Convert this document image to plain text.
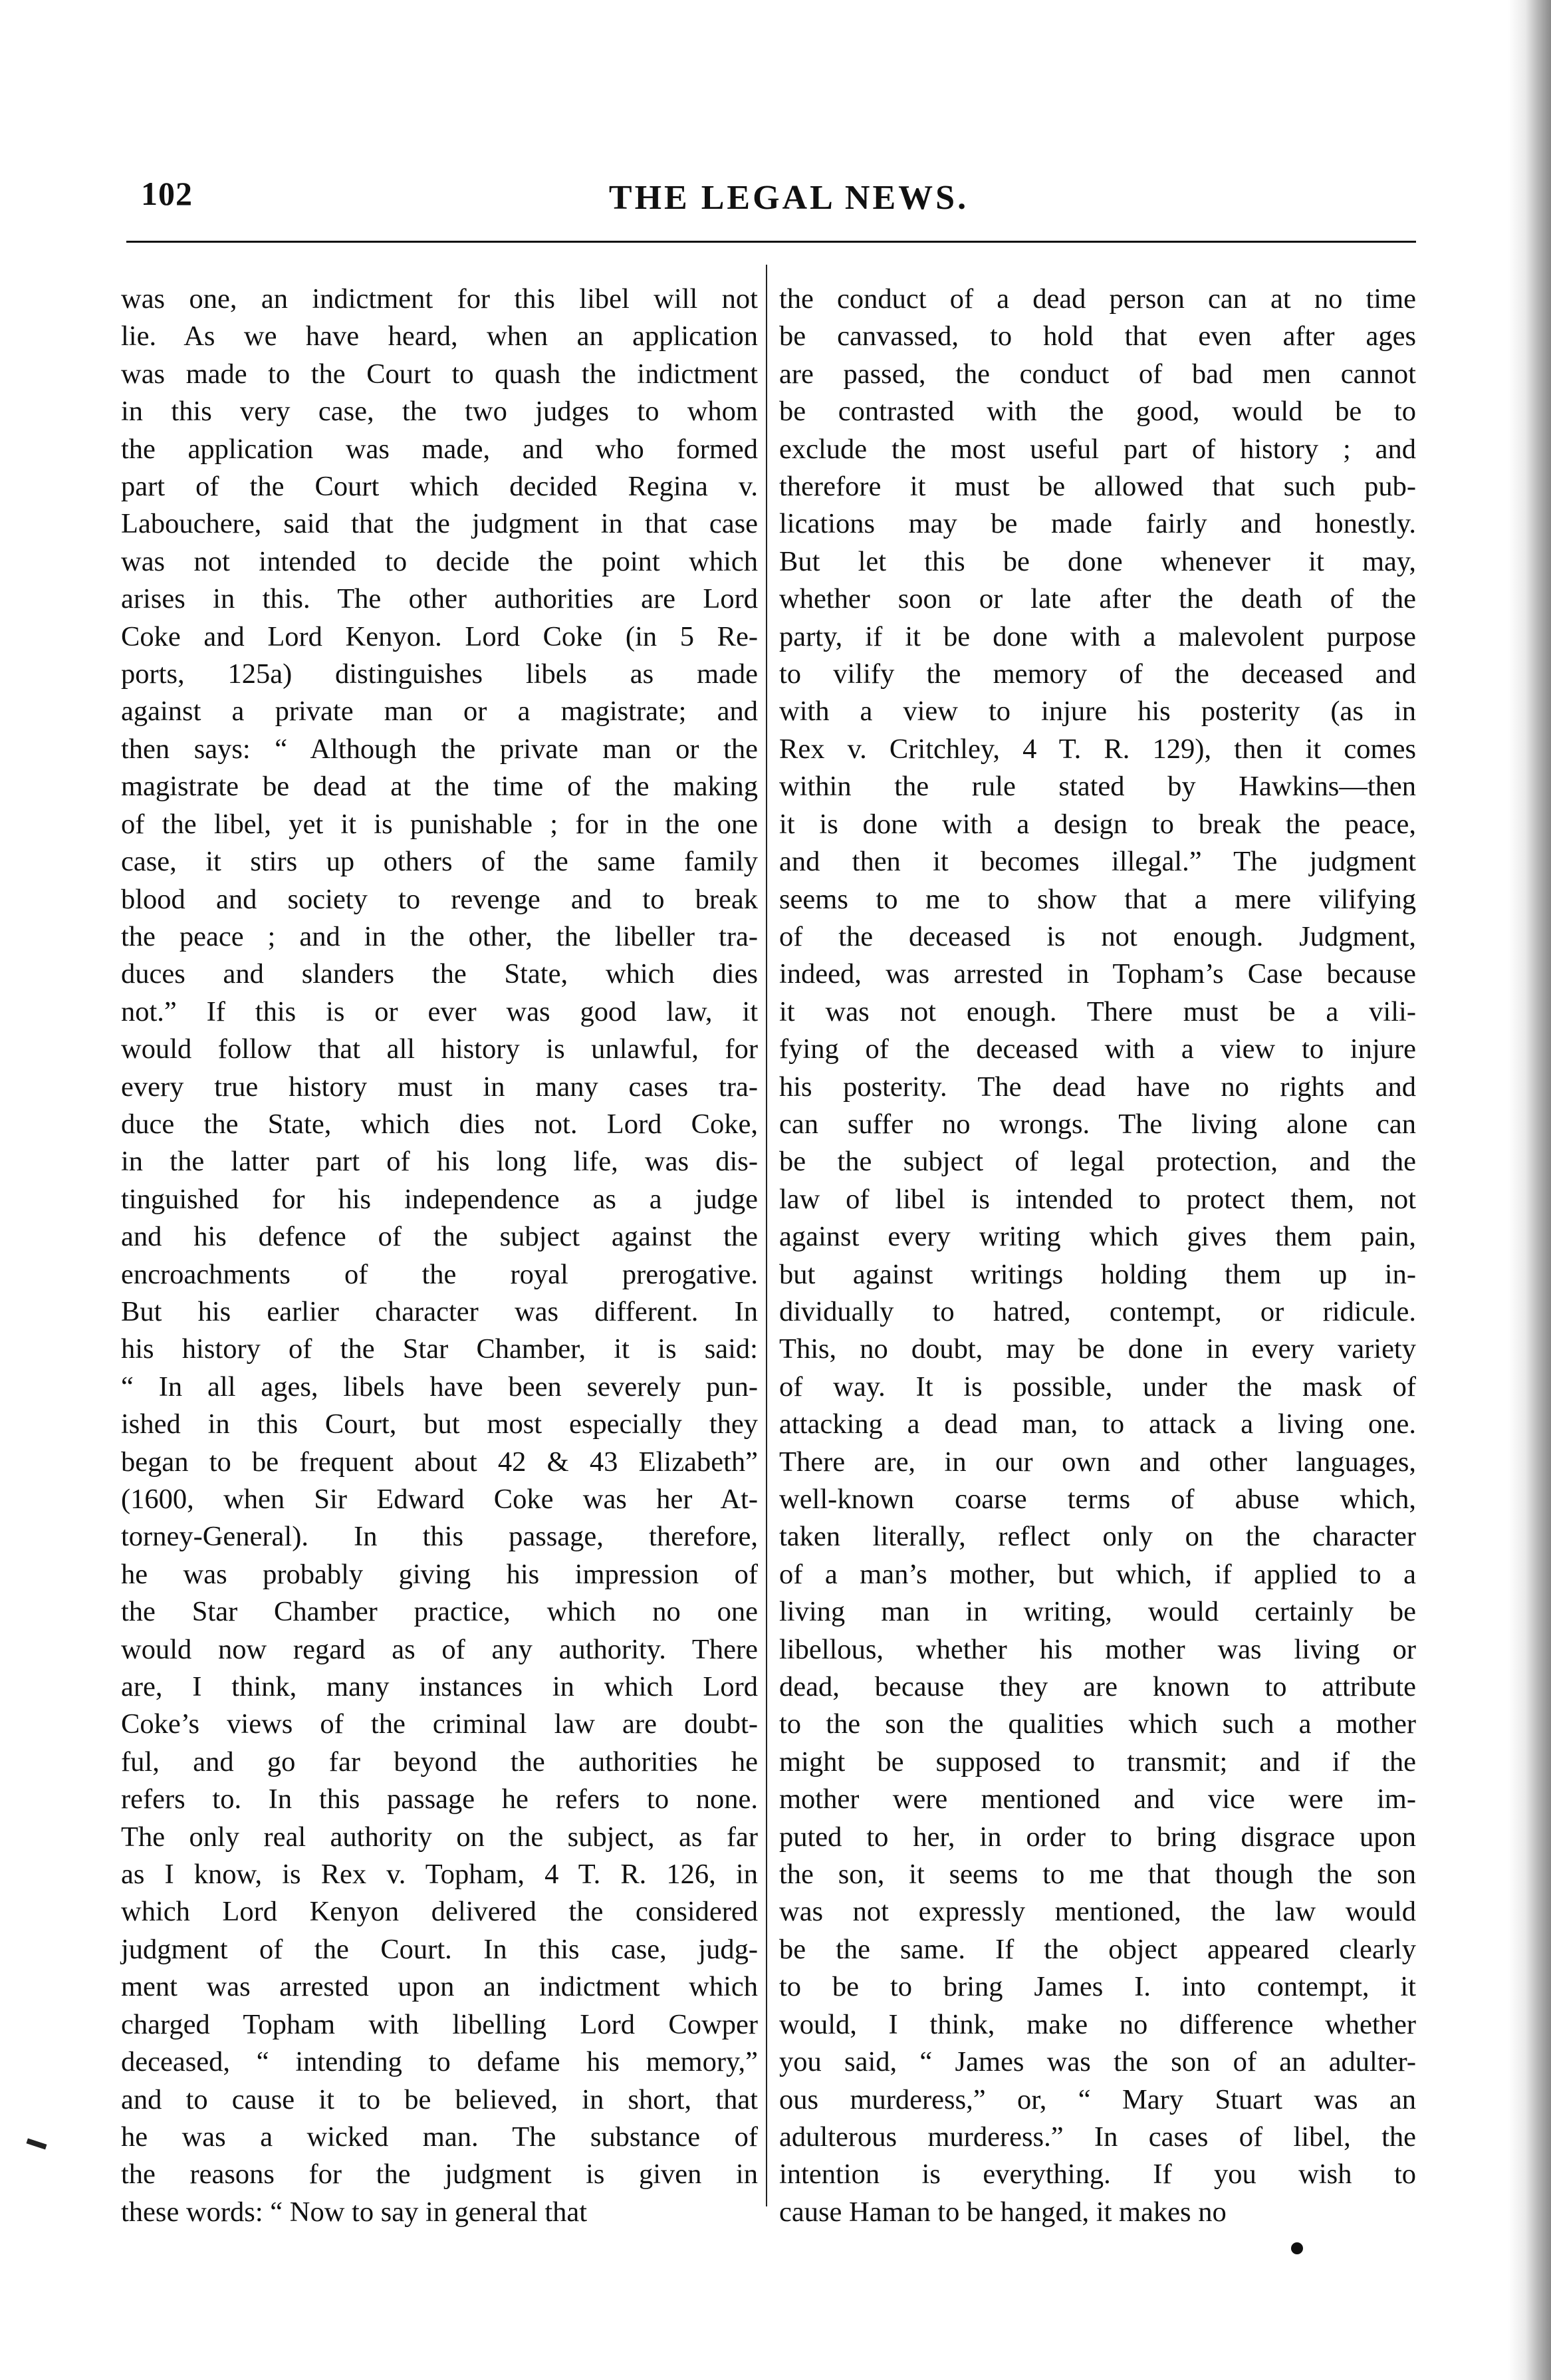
102	THE LEGAL NEWS.
was one, an indictment for this libel will not
lie. As we have heard, when an application
was made to the Court to quash the indictment
in this very case, the two judges to whom
the application was made, and who formed
part of the Court which decided Regina v.
Labouchere, said that the judgment in that case
was not intended to decide the point which
arises in this. The other authorities are Lord
Coke and Lord Kenyon. Lord Coke (in 5 Re-
ports, 125a) distinguishes libels as made
against a private man or a magistrate; and
then says: “ Although the private man or the
magistrate be dead at the time of the making
of the libel, yet it is punishable ; for in the one
case, it stirs up others of the same family
blood and society to revenge and to break
the peace ; and in the other, the libeller tra-
duces and slanders the State, which dies
not.” If this is or ever was good law, it
would follow that all history is unlawful, for
every true history must in many cases tra-
duce the State, which dies not. Lord Coke,
in the latter part of his long life, was dis-
tinguished for his independence as a judge
and his defence of the subject against the
encroachments of the royal prerogative.
But his earlier character was different. In
his history of the Star Chamber, it is said:
“ In all ages, libels have been severely pun-
ished in this Court, but most especially they
began to be frequent about 42 & 43 Elizabeth”
(1600, when Sir Edward Coke was her At-
torney-General). In this passage, therefore,
he was probably giving his impression of
the Star Chamber practice, which no one
would now regard as of any authority. There
are, I think, many instances in which Lord
Coke’s views of the criminal law are doubt-
ful, and go far beyond the authorities he
refers to. In this passage he refers to none.
The only real authority on the subject, as far
as I know, is Rex v. Topham, 4 T. R. 126, in
which Lord Kenyon delivered the considered
judgment of the Court. In this case, judg-
ment was arrested upon an indictment which
charged Topham with libelling Lord Cowper
deceased, “ intending to defame his memory,”
and to cause it to be believed, in short, that
he was a wicked man. The substance of
the reasons for the judgment is given in
these words: “ Now to say in general that
the conduct of a dead person can at no time
be canvassed, to hold that even after ages
are passed, the conduct of bad men cannot
be contrasted with the good, would be to
exclude the most useful part of history ; and
therefore it must be allowed that such pub-
lications may be made fairly and honestly.
But let this be done whenever it may,
whether soon or late after the death of the
party, if it be done with a malevolent purpose
to vilify the memory of the deceased and
with a view to injure his posterity (as in
Rex v. Critchley, 4 T. R. 129), then it comes
within the rule stated by Hawkins—then
it is done with a design to break the peace,
and then it becomes illegal.” The judgment
seems to me to show that a mere vilifying
of the deceased is not enough. Judgment,
indeed, was arrested in Topham’s Case because
it was not enough. There must be a vili-
fying of the deceased with a view to injure
his posterity. The dead have no rights and
can suffer no wrongs. The living alone can
be the subject of legal protection, and the
law of libel is intended to protect them, not
against every writing which gives them pain,
but against writings holding them up in-
dividually to hatred, contempt, or ridicule.
This, no doubt, may be done in every variety
of way. It is possible, under the mask of
attacking a dead man, to attack a living one.
There are, in our own and other languages,
well-known coarse terms of abuse which,
taken literally, reflect only on the character
of a man’s mother, but which, if applied to a
living man in writing, would certainly be
libellous, whether his mother was living or
dead, because they are known to attribute
to the son the qualities which such a mother
might be supposed to transmit; and if the
mother were mentioned and vice were im-
puted to her, in order to bring disgrace upon
the son, it seems to me that though the son
was not expressly mentioned, the law would
be the same. If the object appeared clearly
to be to bring James I. into contempt, it
would, I think, make no difference whether
you said, “ James was the son of an adulter-
ous murderess,” or, “ Mary Stuart was an
adulterous murderess.” In cases of libel, the
intention is everything. If you wish to
cause Haman to be hanged, it makes no
